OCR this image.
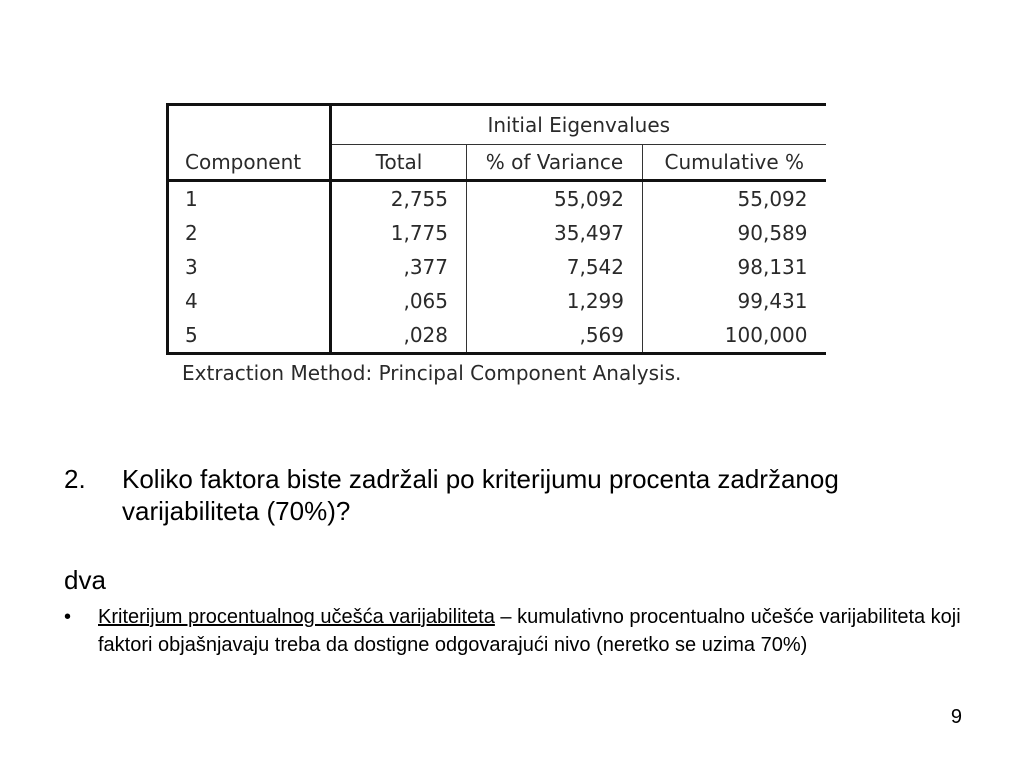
Component	Initial Eigenvalues		
	Total	% of Variance	Cumulative %
1	2,755	55,092	55,092
2	1,775	35,497	90,589
3	,377	7,542	98,131
4	,065	1,299	99,431
5	,028	,569	100,000
Extraction Method: Principal Component Analysis.
2. Koliko faktora biste zadržali po kriterijumu procenta zadržanog varijabiliteta (70%)?
dva
• Kriterijum procentualnog učešća varijabiliteta – kumulativno procentualno učešće varijabiliteta koji faktori objašnjavaju treba da dostigne odgovarajući nivo (neretko se uzima 70%)
9
